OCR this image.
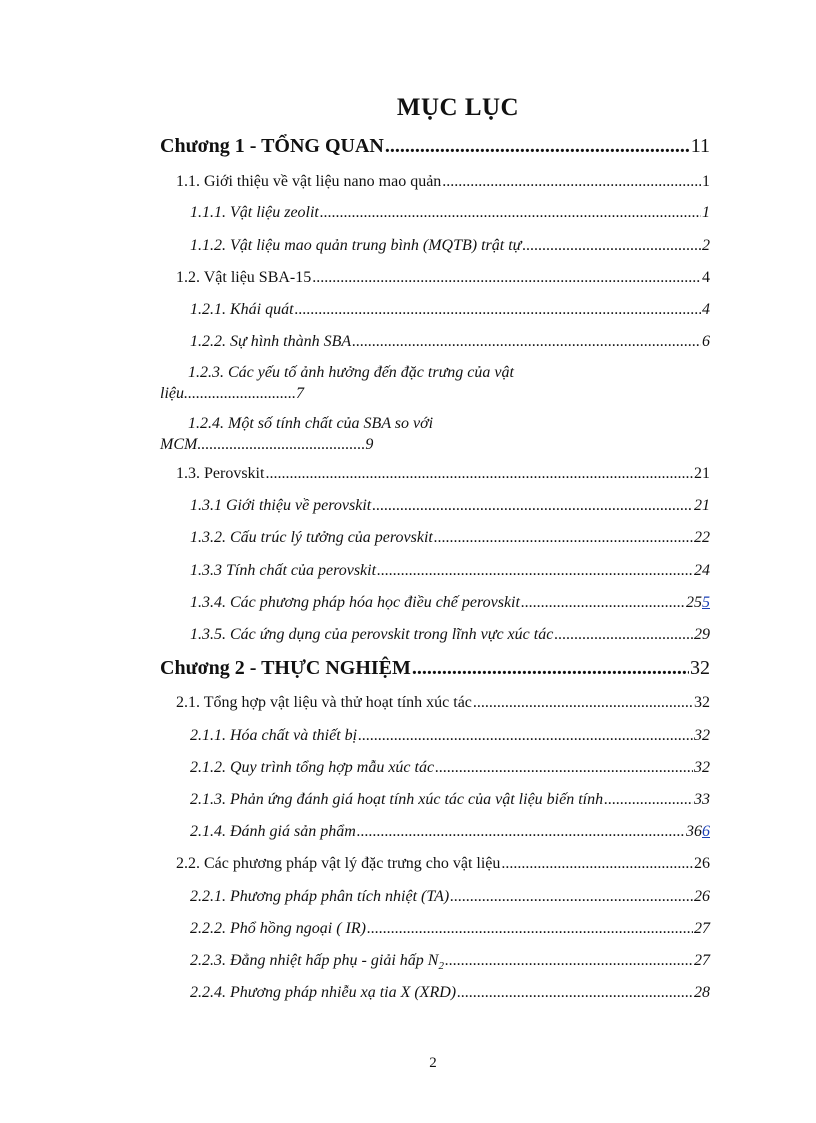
MỤC LỤC
Chương 1 - TỔNG QUAN .....	11
1.1. Giới thiệu về vật liệu nano mao quản .....	1
1.1.1. Vật liệu zeolit .....	1
1.1.2. Vật liệu mao quản trung bình (MQTB) trật tự .....	2
1.2. Vật liệu SBA-15 .....	4
1.2.1. Khái quát .....	4
1.2.2. Sự hình thành SBA .....	6
1.2.3. Các yếu tố ảnh hưởng đến đặc trưng của vật
liệu............................7
1.2.4. Một số tính chất của SBA so với
MCM..........................................9
1.3. Perovskit .....	21
1.3.1 Giới thiệu về perovskit .....	21
1.3.2. Cấu trúc lý tưởng của perovskit .....	22
1.3.3 Tính chất của perovskit .....	24
1.3.4. Các phương pháp hóa học điều chế perovskit .....	255
1.3.5. Các ứng dụng của perovskit trong lĩnh vực xúc tác .....	29
Chương 2 - THỰC NGHIỆM .....	32
2.1. Tổng hợp vật liệu và thử hoạt tính xúc tác .....	32
2.1.1. Hóa chất và thiết bị .....	32
2.1.2. Quy trình tổng hợp mẫu xúc tác .....	32
2.1.3. Phản ứng đánh giá hoạt tính xúc tác của vật liệu biến tính .....	33
2.1.4. Đánh giá sản phẩm .....	366
2.2. Các phương pháp vật lý đặc trưng cho vật liệu .....	26
2.2.1. Phương pháp phân tích nhiệt (TA) .....	26
2.2.2. Phổ hồng ngoại ( IR) .....	27
2.2.3. Đẳng nhiệt hấp phụ - giải hấp $N_2$ .....	27
2.2.4. Phương pháp nhiễu xạ tia X (XRD) .....	28
2
